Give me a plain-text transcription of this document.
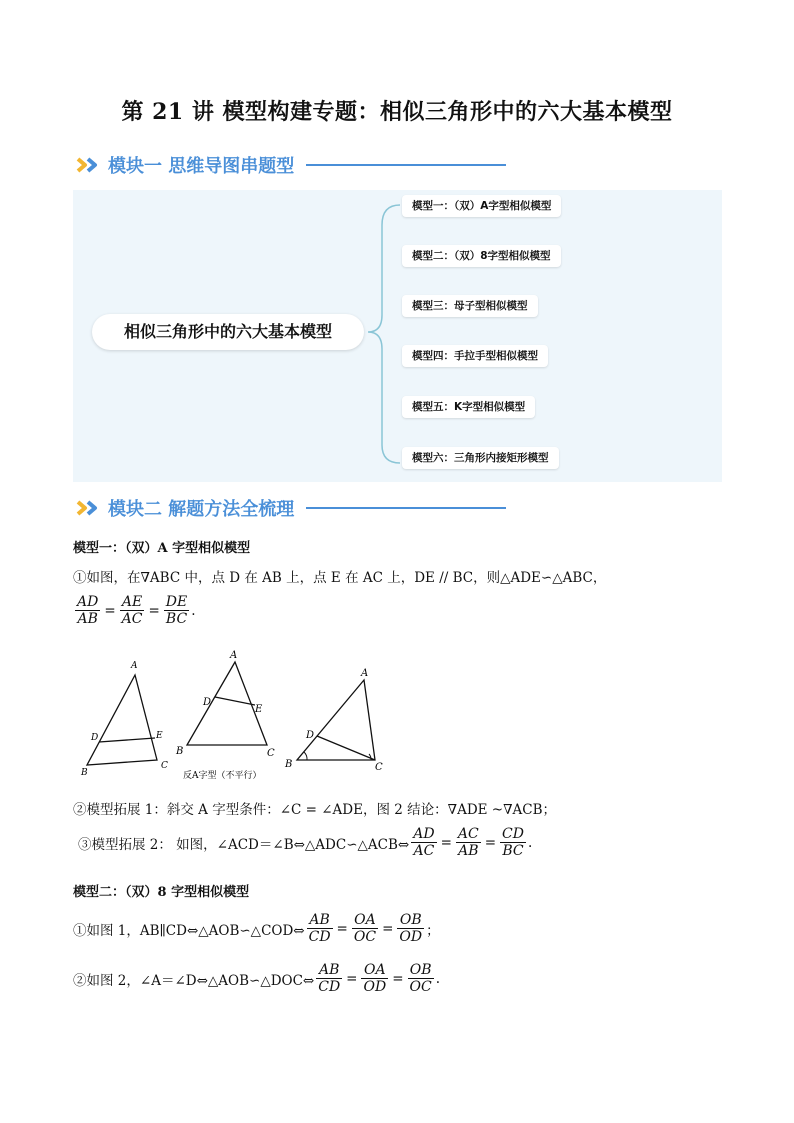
第 21 讲 模型构建专题：相似三角形中的六大基本模型
模块一 思维导图串题型
相似三角形中的六大基本模型
模型一：（双）A字型相似模型
模型二：（双）8字型相似模型
模型三：母子型相似模型
模型四：手拉手型相似模型
模型五：K字型相似模型
模型六：三角形内接矩形模型
模块二 解题方法全梳理
模型一：（双）A 字型相似模型
①如图，在∇ABC 中，点 D 在 AB 上，点 E 在 AC 上，DE // BC，则△ADE∽△ABC，
$\frac{AD}{AB} = \frac{AE}{AC} = \frac{DE}{BC}$ .
A
B
C
D	E
A
B	C
D
E
反A字型（不平行）
A
B	C
D
②模型拓展 1：斜交 A 字型条件：∠C = ∠ADE，图 2 结论：∇ADE ~∇ACB；
③模型拓展 2： 如图，∠ACD＝∠B⇔△ADC∽△ACB⇔ $\frac{AD}{AC} = \frac{AC}{AB} = \frac{CD}{BC}$ .
模型二：（双）8 字型相似模型
①如图 1，AB∥CD⇔△AOB∽△COD⇔ $\frac{AB}{CD} = \frac{OA}{OC} = \frac{OB}{OD}$ ；
②如图 2，∠A＝∠D⇔△AOB∽△DOC⇔ $\frac{AB}{CD} = \frac{OA}{OD} = \frac{OB}{OC}$ .
